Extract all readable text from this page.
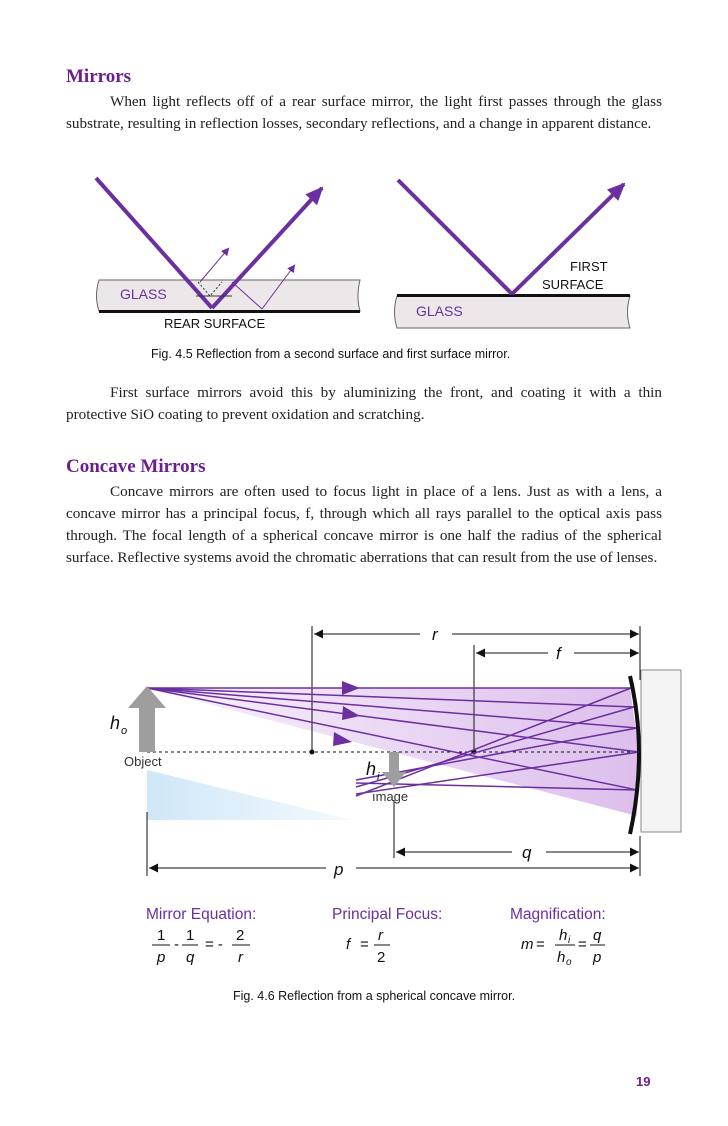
Mirrors

When light reflects off of a rear surface mirror, the light first passes through the glass substrate, resulting in reflection losses, secondary reflections, and a change in apparent distance.

GLASS
REAR SURFACE
FIRST
SURFACE
GLASS
Fig. 4.5 Reflection from a second surface and first surface mirror.

First surface mirrors avoid this by aluminizing the front, and coating it with a thin protective SiO coating to prevent oxidation and scratching.

Concave Mirrors

Concave mirrors are often used to focus light in place of a lens. Just as with a lens, a concave mirror has a principal focus, f, through which all rays parallel to the optical axis pass through. The focal length of a spherical concave mirror is one half the radius of the spherical surface. Reflective systems avoid the chromatic aberrations that can result from the use of lenses.

r
f
h o
Object	h i
ımage
q
p
Mirror Equation:	Principal Focus:	Magnification:
1
p
-
1
q
= -
2
r
f =
r
2
m =
h i
h o
=
q
p
Fig. 4.6 Reflection from a spherical concave mirror.
19
